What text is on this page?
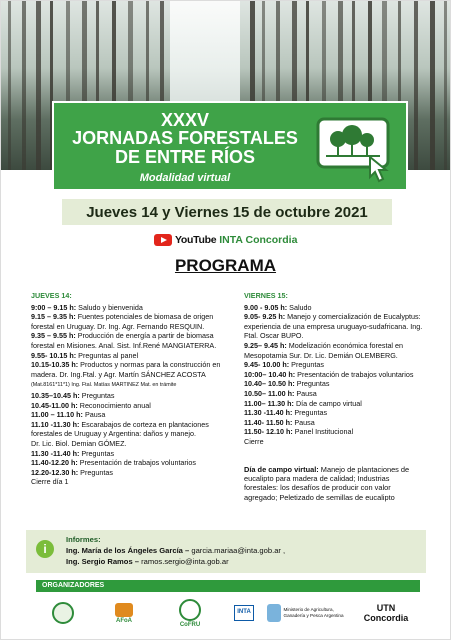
XXXV
JORNADAS FORESTALES
DE ENTRE RÍOS
Modalidad virtual
Jueves 14 y Viernes 15 de octubre 2021
YouTube INTA Concordia
PROGRAMA
JUEVES 14:

9:00 – 9.15 h: Saludo y bienvenida

9.15 – 9.35 h: Fuentes potenciales de biomasa de origen forestal en Uruguay. Dr. Ing. Agr. Fernando RESQUIN.

9.35 – 9.55 h: Producción de energía a partir de biomasa forestal en Misiones. Anal. Sist. Inf.René MANGIATERRA.

9.55- 10.15 h: Preguntas al panel

10.15-10.35 h: Productos y normas para la construcción en madera. Dr. Ing.Ftal. y Agr. Martín SÁNCHEZ ACOSTA

(Mat.8161*11*1) Ing. Ftal. Matías MARTINEZ Mat. en trámite

10.35–10.45 h: Preguntas

10.45-11.00 h: Reconocimiento anual

11.00 – 11.10 h: Pausa

11.10 -11.30 h: Escarabajos de corteza en plantaciones forestales de Uruguay y Argentina: daños y manejo.

Dr. Lic. Biol. Demian GÓMEZ.

11.30 -11.40 h: Preguntas

11.40-12.20 h: Presentación de trabajos voluntarios

12.20-12.30 h: Preguntas

Cierre día 1

VIERNES 15:

9.00 - 9.05 h: Saludo

9.05- 9.25 h: Manejo y comercialización de Eucalyptus: experiencia de una empresa uruguayo-sudafricana. Ing. Ftal. Oscar BUPO.

9.25– 9.45 h: Modelización económica forestal en Mesopotamia Sur. Dr. Lic. Demián OLEMBERG.

9.45- 10.00 h: Preguntas

10:00– 10.40 h: Presentación de trabajos voluntarios

10.40– 10.50 h: Preguntas

10.50– 11.00 h: Pausa

11.00– 11.30 h: Día de campo virtual

11.30 -11.40 h: Preguntas

11.40- 11.50 h: Pausa

11.50- 12.10 h: Panel Institucional

Cierre

Día de campo virtual: Manejo de plantaciones de eucalipto para madera de calidad; Industrias forestales: los desafíos de producir con valor agregado; Peletizado de semillas de eucalipto
i
Informes:
Ing. María de los Ángeles García – garcia.mariaa@inta.gob.ar ,
Ing. Sergio Ramos – ramos.sergio@inta.gob.ar
ORGANIZADORES
AFoA
CoFRU
INTA	Ministerio de Agricultura, Ganadería y Pesca Argentina
UTN Concordia
